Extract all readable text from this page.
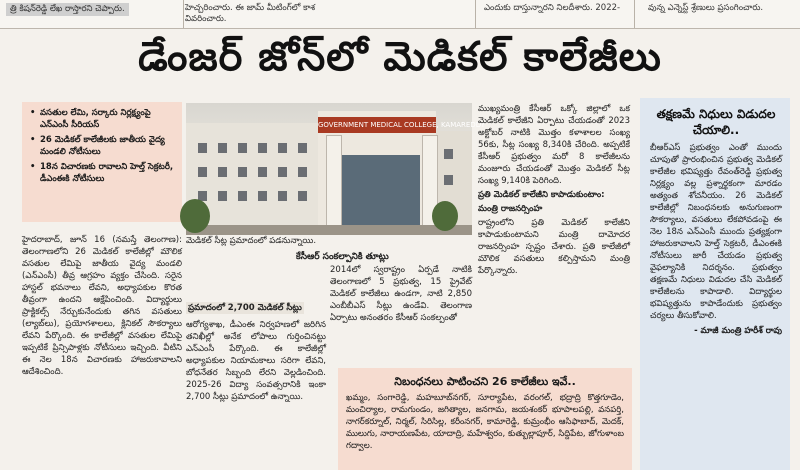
త్రి కిషన్‌రెడ్డి లేఖ రాస్తారని చెప్పారు.	హెచ్చరించారు. ఈ జామ్ మీటింగ్‌లో కాశ
వివరించారు.
ఎందుకు దాస్తున్నారని నిలదీశారు. 2022-	వున్న ఎన్నెస్ట్ శ్రేణులు ప్రసంగించారు.
డేంజర్ జోన్‌లో మెడికల్ కాలేజీలు
• వసతుల లేమి, సర్కారు నిర్లక్ష్యంపై ఎన్‌ఎంసీ సీరియస్
• 26 మెడికల్ కాలేజీలకు జాతీయ వైద్య మండలి నోటీసులు
• 18న విచారణకు రావాలని హెల్త్ సెక్రటరీ, డీఎంఈకి నోటీసులు
GOVERNMENT MEDICAL COLLEGE, KAMAREDDY
మెడికల్ సీట్ల ప్రమాదంలో పడనున్నాయి.
కేసీఆర్ సంకల్పానికి తూట్లు

హైదరాబాద్, జూన్ 16 (నమస్తే తెలంగాణ): తెలంగాణలోని 26 మెడికల్ కాలేజీల్లో మౌలిక వసతుల లేమిపై జాతీయ వైద్య మండలి (ఎన్‌ఎంసీ) తీవ్ర ఆగ్రహం వ్యక్తం చేసింది. సరైన హాస్టల్ భవనాలు లేవని, అధ్యాపకుల కొరత తీవ్రంగా ఉందని ఆక్షేపించింది. విద్యార్థులు ప్రాక్టికల్స్ నేర్చుకునేందుకు తగిన వసతులు (ల్యాబ్‌లు), ప్రయోగశాలలు, క్లినికల్ సౌకర్యాలు లేవని పేర్కొంది. ఈ కాలేజీల్లో వసతుల లేమిపై ఇప్పటికే ప్రిన్సిపాళ్లకు నోటీసులు ఇచ్చింది. వీటిని ఈ నెల 18న విచారణకు హాజరుకావాలని ఆదేశించింది.

ప్రమాదంలో 2,700 మెడికల్ సీట్లు

ఆరోగ్యశాఖ, డీఎంఈ నిర్వహణలో జరిగిన తనిఖీల్లో అనేక లోపాలు గుర్తించినట్టు ఎన్‌ఎంసీ పేర్కొంది. ఈ కాలేజీల్లో అధ్యాపకుల నియామకాలు సరిగా లేవని, బోధనేతర సిబ్బంది లేరని వెల్లడించింది. 2025-26 విద్యా సంవత్సరానికి ఇంకా 2,700 సీట్లు ప్రమాదంలో ఉన్నాయి.

2014లో స్వరాష్ట్రం ఏర్పడే నాటికి తెలంగాణలో 5 ప్రభుత్వ, 15 ప్రైవేట్ మెడికల్ కాలేజీలు ఉండగా, నాటి 2,850 ఎంబీబీఎస్ సీట్లు ఉండేవి. తెలంగాణ ఏర్పాటు అనంతరం కేసీఆర్ సంకల్పంతో

ముఖ్యమంత్రి కేసీఆర్ ఒక్కో జిల్లాలో ఒక మెడికల్ కాలేజీని ఏర్పాటు చేయడంతో 2023 అక్టోబర్ నాటికి మొత్తం కళాశాలల సంఖ్య 56కు, సీట్ల సంఖ్య 8,340కి చేరింది. అప్పటికే కేసీఆర్ ప్రభుత్వం మరో 8 కాలేజీలను మంజూరు చేయడంతో మొత్తం మెడికల్ సీట్ల సంఖ్య 9,140కి పెరిగింది.

ప్రతి మెడికల్ కాలేజీని కాపాడుకుంటాం:

మంత్రి రాజనర్సింహ

రాష్ట్రంలోని ప్రతి మెడికల్ కాలేజీని కాపాడుకుంటామని మంత్రి దామోదర రాజనర్సింహ స్పష్టం చేశారు. ప్రతి కాలేజీలో మౌలిక వసతులు కల్పిస్తామని మంత్రి పేర్కొన్నారు.

తక్షణమే నిధులు విడుదల చేయాలి..
బీఆర్‌ఎస్ ప్రభుత్వం ఎంతో ముందు చూపుతో ప్రారంభించిన ప్రభుత్వ మెడికల్ కాలేజీల భవిష్యత్తు రేవంత్‌రెడ్డి ప్రభుత్వ నిర్లక్ష్యం వల్ల ప్రశ్నార్థకంగా మారడం అత్యంత శోచనీయం. 26 మెడికల్ కాలేజీల్లో నిబంధనలకు అనుగుణంగా సౌకర్యాలు, వసతులు లేకపోవడంపై ఈ నెల 18న ఎన్‌ఎంసీ ముందు ప్రత్యక్షంగా హాజరుకావాలని హెల్త్ సెక్రటరీ, డీఎంఈకి నోటీసులు జారీ చేయడం ప్రభుత్వ వైఫల్యానికి నిదర్శనం. ప్రభుత్వం తక్షణమే నిధులు విడుదల చేసి మెడికల్ కాలేజీలను కాపాడాలి. విద్యార్థుల భవిష్యత్తును కాపాడేందుకు ప్రభుత్వం చర్యలు తీసుకోవాలి.
- మాజీ మంత్రి హరీశ్ రావు
నిబంధనలు పాటించని 26 కాలేజీలు ఇవే..
ఖమ్మం, సంగారెడ్డి, మహబూబ్‌నగర్, సూర్యాపేట, వరంగల్, భద్రాద్రి కొత్తగూడెం, మంచిర్యాల, రామగుండం, జగిత్యాల, జనగామ, జయశంకర్ భూపాలపల్లి, వనపర్తి, నాగర్‌కర్నూల్, నిర్మల్, సిరిసిల్ల, కరీంనగర్, కామారెడ్డి, కుమ్రంభీం ఆసిఫాబాద్, మెదక్, ములుగు, నారాయణపేట, యాదాద్రి, మహేశ్వరం, కుత్బుల్లాపూర్, సిద్దిపేట, జోగుళాంబ గద్వాల.
